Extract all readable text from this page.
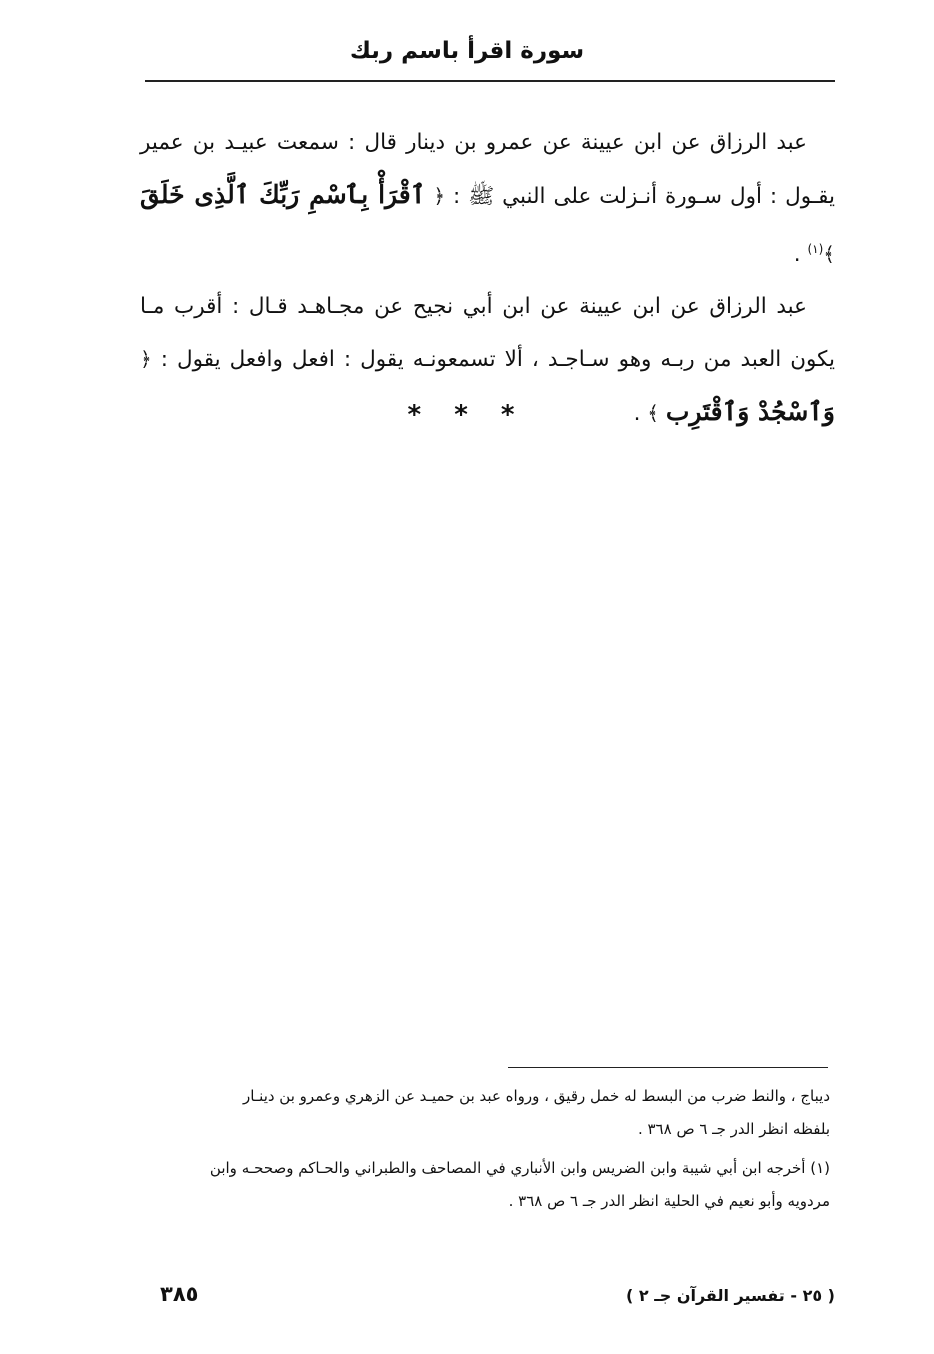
سورة اقرأ باسم ربك

عبد الرزاق عن ابن عيينة عن عمرو بن دينار قال : سمعت عبيـد بن عمير يقـول : أول سـورة أنـزلت على النبي ﷺ : ﴿ ٱقْرَأْ بِٱسْمِ رَبِّكَ ٱلَّذِى خَلَقَ ﴾$^{(١)}$ .

عبد الرزاق عن ابن عيينة عن ابن أبي نجيح عن مجـاهـد قـال : أقرب مـا يكون العبد من ربـه وهو سـاجـد ، ألا تسمعونـه يقول : افعل وافعل يقول : ﴿ وَٱسْجُدْ وَٱقْتَرِب ﴾ .

* * *

ديباج ، والنط ضرب من البسط له خمل رقيق ، ورواه عبد بن حميـد عن الزهري وعمرو بن دينـار
بلفظه انظر الدر جـ ٦ ص ٣٦٨ .

(١) أخرجه ابن أبي شيبة وابن الضريس وابن الأنباري في المصاحف والطبراني والحـاكم وصححـه وابن
مردويه وأبو نعيم في الحلية انظر الدر جـ ٦ ص ٣٦٨ .

( ٢٥ - تفسير القرآن جـ ٢ )
٣٨٥
